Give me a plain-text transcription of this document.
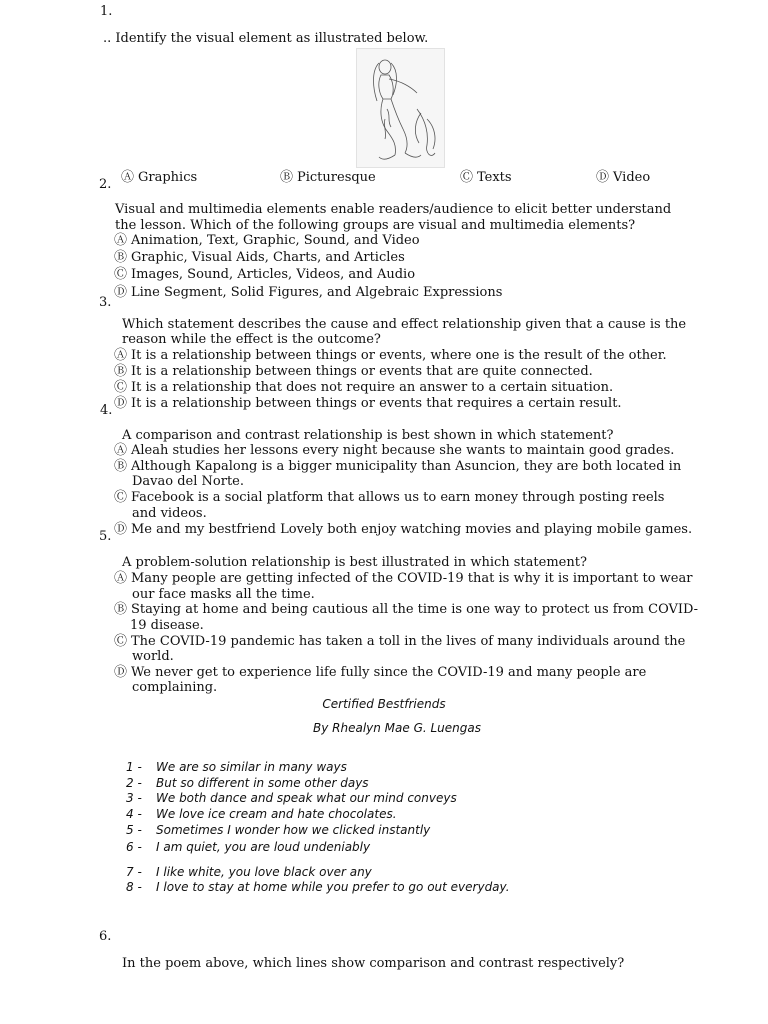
1.
.. Identify the visual element as illustrated below.
Ⓐ Graphics	Ⓑ Picturesque	Ⓒ Texts	Ⓓ Video
2.
Visual and multimedia elements enable readers/audience to elicit better understand
the lesson. Which of the following groups are visual and multimedia elements?
Ⓐ Animation, Text, Graphic, Sound, and Video
Ⓑ Graphic, Visual Aids, Charts, and Articles
Ⓒ Images, Sound, Articles, Videos, and Audio
Ⓓ Line Segment, Solid Figures, and Algebraic Expressions
3.
Which statement describes the cause and effect relationship given that a cause is the
reason while the effect is the outcome?
Ⓐ It is a relationship between things or events, where one is the result of the other.
Ⓑ It is a relationship between things or events that are quite connected.
Ⓒ It is a relationship that does not require an answer to a certain situation.
Ⓓ It is a relationship between things or events that requires a certain result.
4.
A comparison and contrast relationship is best shown in which statement?
Ⓐ Aleah studies her lessons every night because she wants to maintain good grades.
Ⓑ Although Kapalong is a bigger municipality than Asuncion, they are both located in
Davao del Norte.
Ⓒ Facebook is a social platform that allows us to earn money through posting reels
and videos.
Ⓓ Me and my bestfriend Lovely both enjoy watching movies and playing mobile games.
5.
A problem-solution relationship is best illustrated in which statement?
Ⓐ Many people are getting infected of the COVID-19 that is why it is important to wear
our face masks all the time.
Ⓑ Staying at home and being cautious all the time is one way to protect us from COVID-
19 disease.
Ⓒ The COVID-19 pandemic has taken a toll in the lives of many individuals around the
world.
Ⓓ We never get to experience life fully since the COVID-19 and many people are
complaining.
Certified Bestfriends
By Rhealyn Mae G. Luengas
1 - We are so similar in many ways
2 - But so different in some other days
3 - We both dance and speak what our mind conveys
4 - We love ice cream and hate chocolates.
5 - Sometimes I wonder how we clicked instantly
6 - I am quiet, you are loud undeniably
7 - I like white, you love black over any
8 - I love to stay at home while you prefer to go out everyday.
6.
In the poem above, which lines show comparison and contrast respectively?
